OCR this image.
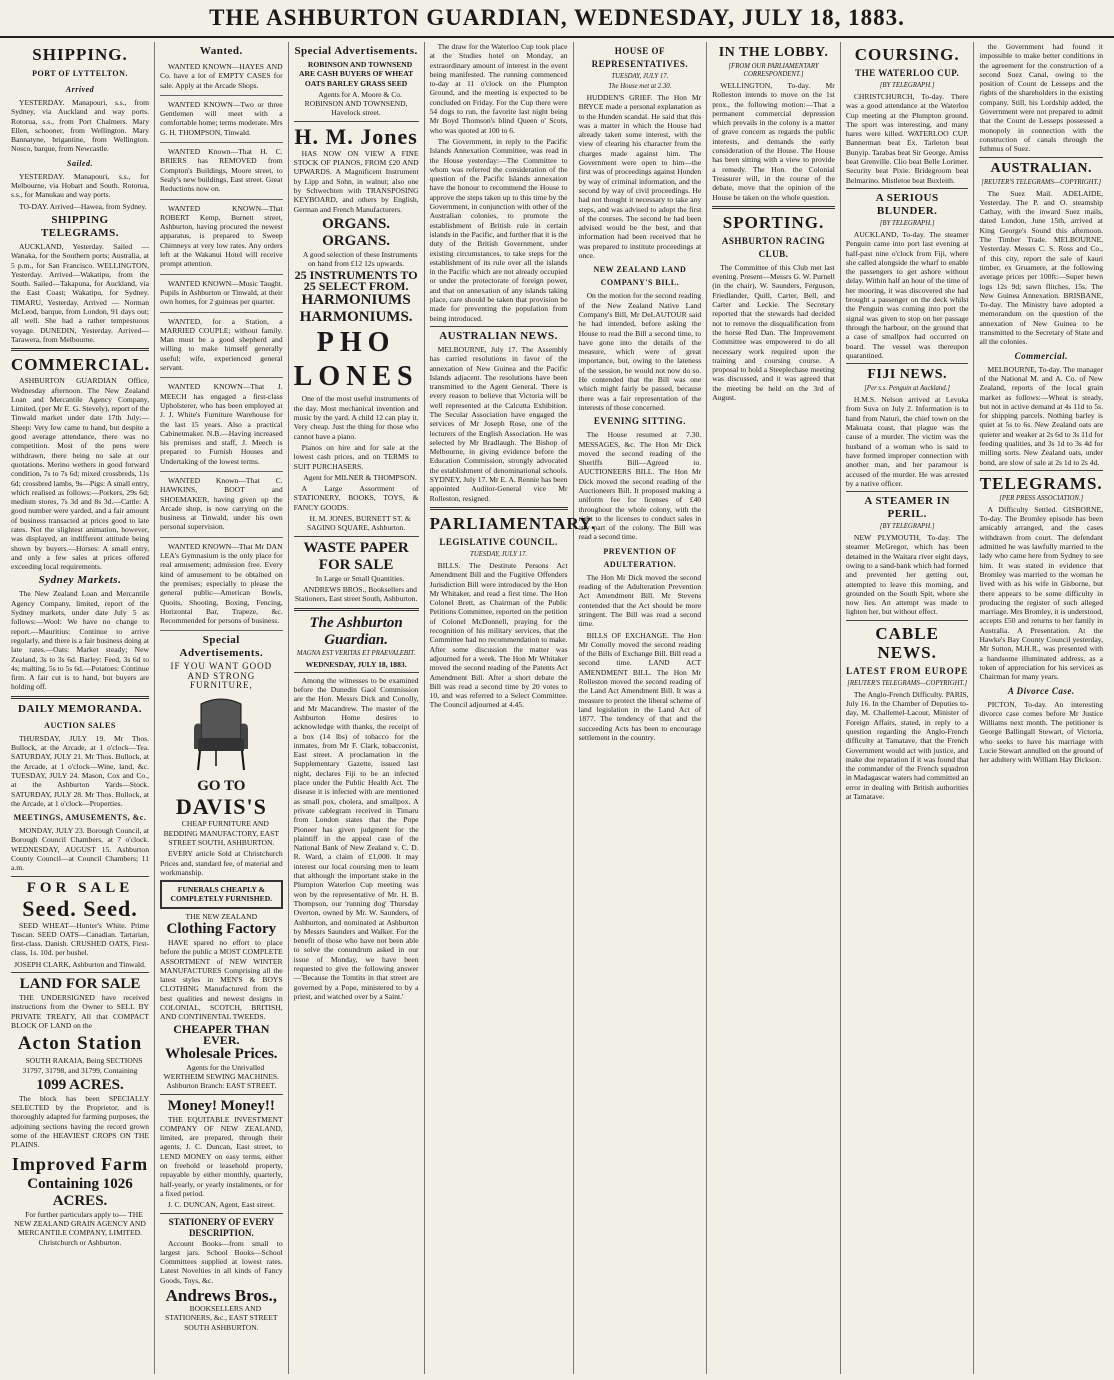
THE ASHBURTON GUARDIAN, WEDNESDAY, JULY 18, 1883.
SHIPPING.
PORT OF LYTTELTON.
Arrived

YESTERDAY. Manapouri, s.s., from Sydney, via Auckland and way ports. Rotorua, s.s., from Port Chalmers. Mary Ellen, schooner, from Wellington. Mary Bannatyne, brigantine, from Wellington. Nosco, barque, from Newcastle.

Sailed.

YESTERDAY. Manapouri, s.s., for Melbourne, via Hobart and South. Rotorua, s.s., for Manukau and way ports.

TO-DAY. Arrived—Hawea, from Sydney.

SHIPPING TELEGRAMS.

AUCKLAND, Yesterday. Sailed — Wanaka, for the Southern ports; Australia, at 5 p.m., for San Francisco. WELLINGTON, Yesterday. Arrived—Wakatipu, from the South. Sailed—Takapuna, for Auckland, via the East Coast; Wakatipu, for Sydney. TIMARU, Yesterday. Arrived — Norman McLeod, barque, from London, 91 days out; all well. She had a rather tempestuous voyage. DUNEDIN, Yesterday. Arrived—Tarawera, from Melbourne.

COMMERCIAL.

ASHBURTON GUARDIAN Office, Wednesday afternoon. The New Zealand Loan and Mercantile Agency Company, Limited, (per Mr E. G. Stevely), report of the Tinwald market under date 17th July:—Sheep: Very few came to hand, but despite a good average attendance, there was no competition. Most of the pens were withdrawn, there being no sale at our quotations. Merino wethers in good forward condition, 7s to 7s 6d; mixed crossbreds, 11s 6d; crossbred lambs, 9s—Pigs: A small entry, which realised as follows:—Porkers, 29s 6d; medium stores, 7s 3d and 8s 3d.—Cattle: A good number were yarded, and a fair amount of business transacted at prices good to late rates. Not the slightest animation, however, was displayed, an indifferent attitude being shown by buyers.—Horses: A small entry, and only a few sales at prices offered exceeding local requirements.

Sydney Markets.

The New Zealand Loan and Mercantile Agency Company, limited, report of the Sydney markets, under date July 5 as follows:—Wool: We have no change to report.—Mauritius: Continue to arrive regularly, and there is a fair business doing at late rates.—Oats: Market steady; New Zealand, 3s to 3s 6d. Barley: Feed, 3s 6d to 4s; malting, 5s to 5s 6d.—Potatoes: Continue firm. A fair cut is to hand, but buyers are holding off.

DAILY MEMORANDA.
AUCTION SALES

THURSDAY, JULY 19. Mr Thos. Bullock, at the Arcade, at 1 o'clock—Tea. SATURDAY, JULY 21. Mr Thos. Bullock, at the Arcade, at 1 o'clock—Wine, land, &c. TUESDAY, JULY 24. Mason, Cox and Co., at the Ashburton Yards—Stock. SATURDAY, JULY 28. Mr Thos. Bullock, at the Arcade, at 1 o'clock—Properties.

MEETINGS, AMUSEMENTS, &c.

MONDAY, JULY 23. Borough Council, at Borough Council Chambers, at 7 o'clock. WEDNESDAY, AUGUST 15. Ashburton County Council—at Council Chambers; 11 a.m.

FOR SALE
Seed. Seed.

SEED WHEAT—Hunter's White. Prime Tuscan. SEED OATS—Canadian. Tartarian, first-class. Danish. CRUSHED OATS, First-class, 1s. 10d. per bushel.

JOSEPH CLARK, Ashburton and Tinwald.
LAND FOR SALE

THE UNDERSIGNED have received instructions from the Owner to SELL BY PRIVATE TREATY, All that COMPACT BLOCK OF LAND on the

Acton Station

SOUTH RAKAIA, Being SECTIONS 31797, 31798, and 31799, Containing

1099 ACRES.

The block has been SPECIALLY SELECTED by the Proprietor, and is thoroughly adapted for farming purposes, the adjoining sections having the record grown some of the HEAVIEST CROPS ON THE PLAINS.

Improved Farm
Containing 1026 ACRES.

For further particulars apply to— THE NEW ZEALAND GRAIN AGENCY AND MERCANTILE COMPANY, LIMITED. Christchurch or Ashburton.

Wanted.

WANTED KNOWN—HAYES AND Co. have a lot of EMPTY CASES for sale. Apply at the Arcade Shops.

WANTED KNOWN—Two or three Gentlemen will meet with a comfortable home; terms moderate. Mrs G. H. THOMPSON, Tinwald.

WANTED Known—That H. C. BRIERS has REMOVED from Compton's Buildings, Moore street, to Sealy's new buildings, East street. Great Reductions now on.

WANTED KNOWN—That ROBERT Kemp, Burnett street, Ashburton, having procured the newest apparatus, is prepared to Sweep Chimneys at very low rates. Any orders left at the Wakanui Hotel will receive prompt attention.

WANTED KNOWN—Music Taught. Pupils in Ashburton or Tinwald, at their own homes, for 2 guineas per quarter.

WANTED, for a Station, a MARRIED COUPLE; without family. Man must be a good shepherd and willing to make himself generally useful; wife, experienced general servant.

WANTED KNOWN—That J. MEECH has engaged a first-class Upholsterer, who has been employed at J. J. White's Furniture Warehouse for the last 15 years. Also a practical Cabinetmaker. N.B.—Having increased his premises and staff, J. Meech is prepared to Furnish Houses and Undertaking of the lowest terms.

WANTED Known—That C. HAWKINS, BOOT and SHOEMAKER, having given up the Arcade shop, is now carrying on the business at Tinwald, under his own personal supervision.

WANTED KNOWN—That Mr DAN LEA's Gymnasium is the only place for real amusement; admission free. Every kind of amusement to be obtained on the premises; especially to please the general public—American Bowls, Quoits, Shooting, Boxing, Fencing, Horizontal Bar, Trapeze, &c. Recommended for persons of business.

Special Advertisements.
IF YOU WANT GOOD AND STRONG FURNITURE,
GO TO
DAVIS'S

CHEAP FURNITURE AND BEDDING MANUFACTORY, EAST STREET SOUTH, ASHBURTON.

EVERY article Sold at Christchurch Prices and, standard fee, of material and workmanship.

FUNERALS CHEAPLY & COMPLETELY FURNISHED.
THE NEW ZEALAND
Clothing Factory

HAVE spared no effort to place before the public a MOST COMPLETE ASSORTMENT of NEW WINTER MANUFACTURES Comprising all the latest styles in MEN'S & BOYS CLOTHING Manufactured from the best qualities and newest designs in COLONIAL, SCOTCH, BRITISH, AND CONTINENTAL TWEEDS.

CHEAPER THAN EVER.
Wholesale Prices.

Agents for the Unrivalled WERTHEIM SEWING MACHINES. Ashburton Branch: EAST STREET.

Money! Money!!

THE EQUITABLE INVESTMENT COMPANY OF NEW ZEALAND, limited, are prepared, through their agents, J. C. Duncan, East street, to LEND MONEY on easy terms, either on freehold or leasehold property, repayable by either monthly, quarterly, half-yearly, or yearly instalments, or for a fixed period.

J. C. DUNCAN, Agent, East street.
STATIONERY OF EVERY DESCRIPTION.

Account Books—from small to largest jars. School Books—School Committees supplied at lowest rates. Latest Novelties in all kinds of Fancy Goods, Toys, &c.

Andrews Bros.,

BOOKSELLERS AND STATIONERS, &c., EAST STREET SOUTH ASHBURTON.

Special Advertisements.

ROBINSON AND TOWNSEND ARE CASH BUYERS OF WHEAT OATS BARLEY GRASS SEED

Agents for A. Moore & Co. ROBINSON AND TOWNSEND, Havelock street.

H. M. Jones

HAS NOW ON VIEW A FINE STOCK OF PIANOS, FROM £20 AND UPWARDS. A Magnificent Instrument by Lipp and Sohn, in walnut; also one by Schwechten with TRANSPOSING KEYBOARD, and others by English, German and French Manufacturers.

ORGANS. ORGANS.

A good selection of these Instruments on hand from £12 12s upwards.

25 INSTRUMENTS TO 25 SELECT FROM.
HARMONIUMS HARMONIUMS.
PHO LONES

One of the most useful instruments of the day. Most mechanical invention and music by the yard. A child 12 can play it. Very cheap. Just the thing for those who cannot have a piano.

Pianos on hire and for sale at the lowest cash prices, and on TERMS to SUIT PURCHASERS.

Agent for MILNER & THOMPSON.

A Large Assortment of STATIONERY, BOOKS, TOYS, & FANCY GOODS.

H. M. JONES, BURNETT ST. & SAGINO SQUARE, Ashburton.

WASTE PAPER FOR SALE

In Large or Small Quantities.

ANDREWS BROS., Booksellers and Stationers, East street South, Ashburton.

The Ashburton Guardian.
MAGNA EST VERITAS ET PRAEVALEBIT.
WEDNESDAY, JULY 18, 1883.

Among the witnesses to be examined before the Dunedin Gaol Commission are the Hon. Messrs Dick and Conolly, and Mr Macandrew. The master of the Ashburton Home desires to acknowledge with thanks, the receipt of a box (14 lbs) of tobacco for the inmates, from Mr F. Clark, tobacconist, East street. A proclamation in the Supplementary Gazette, issued last night, declares Fiji to be an infected place under the Public Health Act. The disease it is infected with are mentioned as small pox, cholera, and smallpox. A private cablegram received in Timaru from London states that the Pope Pioneer has given judgment for the plaintiff in the appeal case of the National Bank of New Zealand v. C. D. R. Ward, a claim of £1,000. It may interest our local coursing men to learn that although the important stake in the Plumpton Waterloo Cup meeting was won by the representative of Mr. H. B. Thompson, our 'running dog' Thursday Overton, owned by Mr. W. Saunders, of Ashburton, and nominated at Ashburton by Messrs Saunders and Walker. For the benefit of those who have not been able to solve the conundrum asked in our issue of Monday, we have been requested to give the following answer—'Because the Tomtits in that street are governed by a Pope, ministered to by a priest, and watched over by a Saint.'

The draw for the Waterloo Cup took place at the Studies hotel on Monday, an extraordinary amount of interest in the event being manifested. The running commenced to-day at 11 o'clock on the Plumpton Ground, and the meeting is expected to be concluded on Friday. For the Cup there were 54 dogs to run, the favorite last night being Mr Boyd Thomson's blind Queen o' Scots, who was quoted at 100 to 6.

The Government, in reply to the Pacific Islands Annexation Committee, was read in the House yesterday:—The Committee to whom was referred the consideration of the question of the Pacific Islands annexation have the honour to recommend the House to approve the steps taken up to this time by the Government, in conjunction with other of the Australian colonies, to promote the establishment of British rule in certain islands in the Pacific, and further that it is the duty of the British Government, under existing circumstances, to take steps for the establishment of its rule over all the islands in the Pacific which are not already occupied or under the protectorate of foreign power, and that on annexation of any islands taking place, care should be taken that provision be made for preventing the population from being introduced.

AUSTRALIAN NEWS.

MELBOURNE, July 17. The Assembly has carried resolutions in favor of the annexation of New Guinea and the Pacific Islands adjacent. The resolutions have been transmitted to the Agent General. There is every reason to believe that Victoria will be well represented at the Calcutta Exhibition. The Secular Association have engaged the services of Mr Joseph Rose, one of the lecturers of the English Association. He was selected by Mr Bradlaugh. The Bishop of Melbourne, in giving evidence before the Education Commission, strongly advocated the establishment of denominational schools. SYDNEY, July 17. Mr E. A. Rennie has been appointed Auditor-General vice Mr Rolleston, resigned.

PARLIAMENTARY.
LEGISLATIVE COUNCIL.
TUESDAY, JULY 17.

BILLS. The Destitute Persons Act Amendment Bill and the Fugitive Offenders Jurisdiction Bill were introduced by the Hon Mr Whitaker, and read a first time. The Hon Colonel Brett, as Chairman of the Public Petitions Committee, reported on the petition of Colonel McDonnell, praying for the recognition of his military services, that the Committee had no recommendation to make. After some discussion the matter was adjourned for a week. The Hon Mr Whitaker moved the second reading of the Patents Act Amendment Bill. After a short debate the Bill was read a second time by 20 votes to 10, and was referred to a Select Committee. The Council adjourned at 4.45.

HOUSE OF REPRESENTATIVES.
TUESDAY, JULY 17.
The House met at 2.30.

HUDDEN'S GRIEF. The Hon Mr BRYCE made a personal explanation as to the Hunden scandal. He said that this was a matter in which the House had already taken some interest, with the view of clearing his character from the charges made against him. The Government were open to him—the first was of proceedings against Hunden by way of criminal information, and the second by way of civil proceedings. He had not thought it necessary to take any steps, and was advised to adopt the first of the courses. The second he had been advised would be the best, and that information had been received that he was prepared to institute proceedings at once.

NEW ZEALAND LAND COMPANY'S BILL.

On the motion for the second reading of the New Zealand Native Land Company's Bill, Mr DeLAUTOUR said he had intended, before asking the House to read the Bill a second time, to have gone into the details of the measure, which were of great importance, but, owing to the lateness of the session, he would not now do so. He contended that the Bill was one which might fairly be passed, because there was a fair representation of the interests of those concerned.

EVENING SITTING.

The House resumed at 7.30. MESSAGES, &c. The Hon Mr Dick moved the second reading of the Sheriffs Bill—Agreed to. AUCTIONEERS BILL. The Hon Mr Dick moved the second reading of the Auctioneers Bill. It proposed making a uniform fee for licenses of £40 throughout the whole colony, with the right to the licenses to conduct sales in any part of the colony. The Bill was read a second time.

PREVENTION OF ADULTERATION.

The Hon Mr Dick moved the second reading of the Adulteration Prevention Act Amendment Bill. Mr Stevens contended that the Act should be more stringent. The Bill was read a second time.

BILLS OF EXCHANGE. The Hon Mr Conolly moved the second reading of the Bills of Exchange Bill. Bill read a second time. LAND ACT AMENDMENT BILL. The Hon Mr Rolleston moved the second reading of the Land Act Amendment Bill. It was a measure to protect the liberal scheme of land legislation in the Land Act of 1877. The tendency of that and the succeeding Acts has been to encourage settlement in the country.

IN THE LOBBY.
[FROM OUR PARLIAMENTARY CORRESPONDENT.]

WELLINGTON, To-day. Mr Rolleston intends to move on the 1st prox., the following motion:—That a permanent commercial depression which prevails in the colony is a matter of grave concern as regards the public interests, and demands the early consideration of the House. The House has been sitting with a view to provide a remedy. The Hon. the Colonial Treasurer will, in the course of the debate, move that the opinion of the House be taken on the whole question.

SPORTING.
ASHBURTON RACING CLUB.

The Committee of this Club met last evening. Present—Messrs G. W. Purnell (in the chair), W. Saunders, Ferguson, Friedlander, Quill, Carter, Bell, and Carter and Leckie. The Secretary reported that the stewards had decided not to remove the disqualification from the horse Red Dan. The Improvement Committee was empowered to do all necessary work required upon the training and coursing course. A proposal to hold a Steeplechase meeting was discussed, and it was agreed that the meeting be held on the 3rd of August.

COURSING.
THE WATERLOO CUP.
[BY TELEGRAPH.]

CHRISTCHURCH, To-day. There was a good attendance at the Waterloo Cup meeting at the Plumpton ground. The sport was interesting, and many hares were killed. WATERLOO CUP. Bannerman beat Ex. Tarleton beat Bunyip. Tarabas beat Sir George. Amiss beat Grenville. Clio beat Belle Lorimer. Security beat Pixie. Bridegroom beat Belmarino. Mistletoe beat Buxleith.

A SERIOUS BLUNDER.
[BY TELEGRAPH.]

AUCKLAND, To-day. The steamer Penguin came into port last evening at half-past nine o'clock from Fiji, where she called alongside the wharf to enable the passengers to get ashore without delay. Within half an hour of the time of her mooring, it was discovered she had brought a passenger on the deck whilst the Penguin was coming into port the signal was given to stop on her passage through the harbour, on the ground that a case of smallpox had occurred on board. The vessel was thereupon quarantined.

FIJI NEWS.
[Per s.s. Penguin at Auckland.]

H.M.S. Nelson arrived at Levuka from Suva on July 2. Information is to hand from Naturi, the chief town on the Makuata coast, that plague was the cause of a murder. The victim was the husband of a woman who is said to have formed improper connection with another man, and her paramour is accused of the murder. He was arrested by a native officer.

A STEAMER IN PERIL.
[BY TELEGRAPH.]

NEW PLYMOUTH, To-day. The steamer McGregor, which has been detained in the Waitara river eight days, owing to a sand-bank which had formed and prevented her getting out, attempted to leave this morning, and grounded on the South Spit, where she now lies. An attempt was made to lighten her, but without effect.

CABLE NEWS.
LATEST FROM EUROPE
[REUTER'S TELEGRAMS—COPYRIGHT.]

The Anglo-French Difficulty. PARIS, July 16. In the Chamber of Deputies to-day, M. Challemel-Lacour, Minister of Foreign Affairs, stated, in reply to a question regarding the Anglo-French difficulty at Tamatave, that the French Government would act with justice, and make due reparation if it was found that the commander of the French squadron in Madagascar waters had committed an error in dealing with British authorities at Tamatave.

the Government had found it impossible to make better conditions in the agreement for the construction of a second Suez Canal, owing to the position of Count de Lesseps and the rights of the shareholders in the existing company. Still, his Lordship added, the Government were not prepared to admit that the Count de Lesseps possessed a monopoly in connection with the construction of canals through the Isthmus of Suez.

AUSTRALIAN.
[REUTER'S TELEGRAMS—COPYRIGHT.]

The Suez Mail. ADELAIDE, Yesterday. The P. and O. steamship Cathay, with the inward Suez mails, dated London, June 15th, arrived at King George's Sound this afternoon. The Timber Trade. MELBOURNE, Yesterday. Messrs C. S. Ross and Co., of this city, report the sale of kauri timber, ex Gruamere, at the following average prices per 100ft:—Super hewn logs 12s 9d; sawn flitches, 15s. The New Guinea Annexation. BRISBANE, To-day. The Ministry have adopted a memorandum on the question of the annexation of New Guinea to be transmitted to the Secretary of State and all the colonies.

Commercial.

MELBOURNE, To-day. The manager of the National M. and A. Co. of New Zealand, reports of the local grain market as follows:—Wheat is steady, but not in active demand at 4s 11d to 5s. for shipping parcels. Nothing barley is quiet at 5s to 6s. New Zealand oats are quieter and weaker at 2s 6d to 3s 11d for feeding qualities, and 3s 1d to 3s 4d for milling sorts. New Zealand oats, under bond, are slow of sale at 2s 1d to 2s 4d.

TELEGRAMS.
[PER PRESS ASSOCIATION.]

A Difficulty Settled. GISBORNE, To-day. The Bromley episode has been amicably arranged, and the cases withdrawn from court. The defendant admitted he was lawfully married to the lady who came here from Sydney to see him. It was stated in evidence that Bromley was married to the woman he lived with as his wife in Gisborne, but there appears to be some difficulty in producing the register of such alleged marriage. Mrs Bromley, it is understood, accepts £50 and returns to her family in Australia. A Presentation. At the Hawke's Bay County Council yesterday, Mr Sutton, M.H.R., was presented with a handsome illuminated address, as a token of appreciation for his services as Chairman for many years.

A Divorce Case.

PICTON, To-day. An interesting divorce case comes before Mr Justice Williams next month. The petitioner is George Ballingall Stewart, of Victoria, who seeks to have his marriage with Lucie Stewart annulled on the ground of her adultery with William Hay Dickson.
